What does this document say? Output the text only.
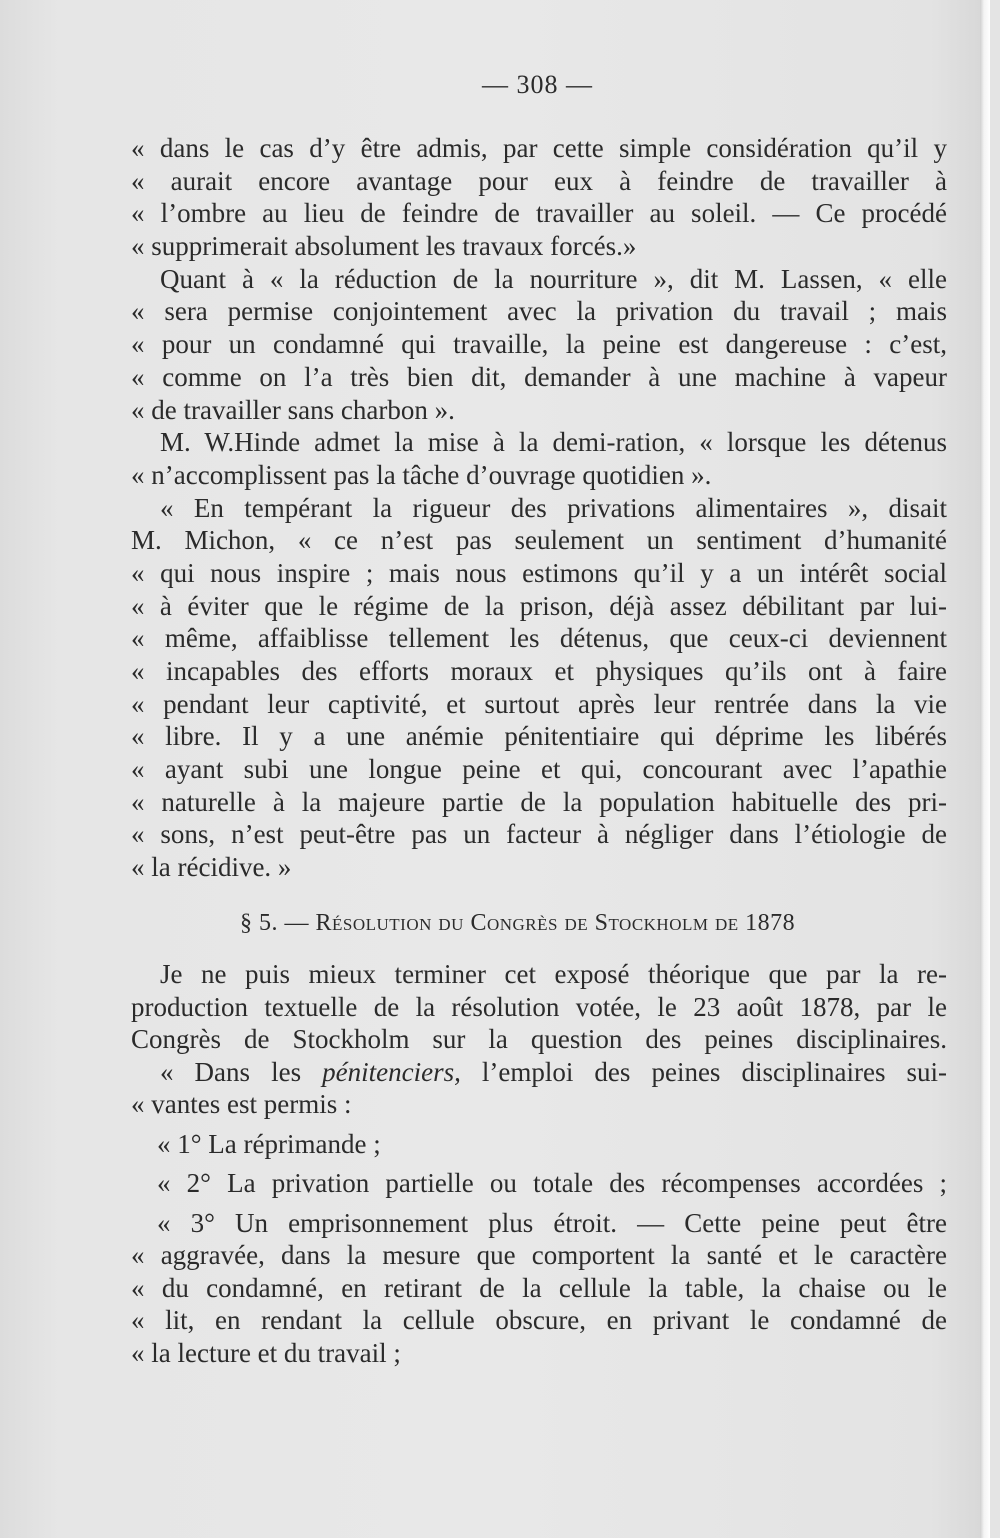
— 308 —
« dans le cas d’y être admis, par cette simple considération qu’il y
« aurait encore avantage pour eux à feindre de travailler à
« l’ombre au lieu de feindre de travailler au soleil. — Ce procédé
« supprimerait absolument les travaux forcés.»
Quant à « la réduction de la nourriture », dit M. Lassen, « elle
« sera permise conjointement avec la privation du travail ; mais
« pour un condamné qui travaille, la peine est dangereuse : c’est,
« comme on l’a très bien dit, demander à une machine à vapeur
« de travailler sans charbon ».
M. W.Hinde admet la mise à la demi-ration, « lorsque les détenus
« n’accomplissent pas la tâche d’ouvrage quotidien ».
« En tempérant la rigueur des privations alimentaires », disait
M. Michon, « ce n’est pas seulement un sentiment d’humanité
« qui nous inspire ; mais nous estimons qu’il y a un intérêt social
« à éviter que le régime de la prison, déjà assez débilitant par lui-
« même, affaiblisse tellement les détenus, que ceux-ci deviennent
« incapables des efforts moraux et physiques qu’ils ont à faire
« pendant leur captivité, et surtout après leur rentrée dans la vie
« libre. Il y a une anémie pénitentiaire qui déprime les libérés
« ayant subi une longue peine et qui, concourant avec l’apathie
« naturelle à la majeure partie de la population habituelle des pri-
« sons, n’est peut-être pas un facteur à négliger dans l’étiologie de
« la récidive. »
§ 5. — Résolution du Congrès de Stockholm de 1878
Je ne puis mieux terminer cet exposé théorique que par la re-
production textuelle de la résolution votée, le 23 août 1878, par le
Congrès de Stockholm sur la question des peines disciplinaires.
« Dans les pénitenciers, l’emploi des peines disciplinaires sui-
« vantes est permis :
« 1° La réprimande ;
« 2° La privation partielle ou totale des récompenses accordées ;
« 3° Un emprisonnement plus étroit. — Cette peine peut être
« aggravée, dans la mesure que comportent la santé et le caractère
« du condamné, en retirant de la cellule la table, la chaise ou le
« lit, en rendant la cellule obscure, en privant le condamné de
« la lecture et du travail ;
